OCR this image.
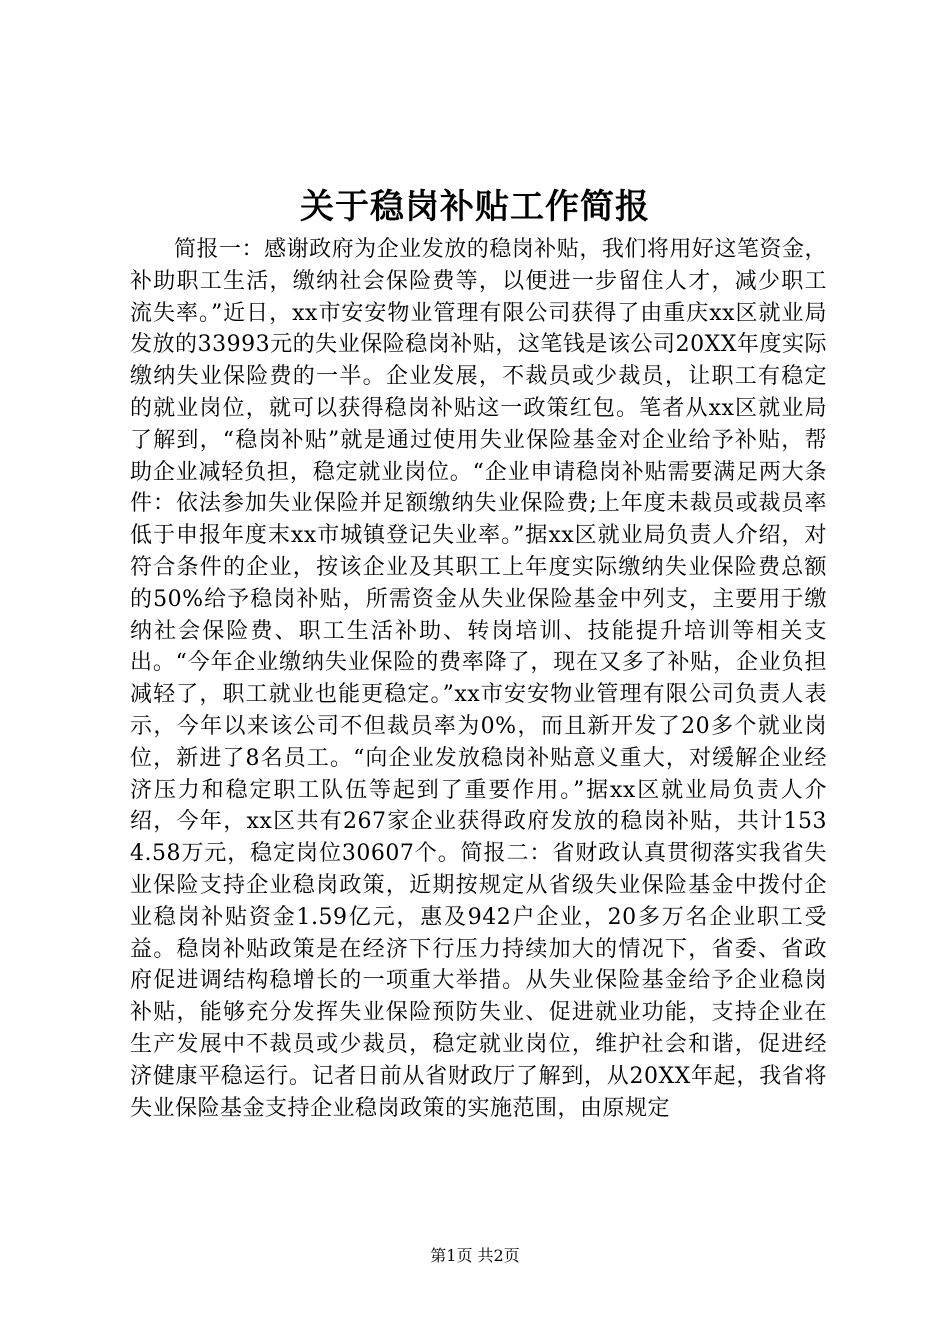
关于稳岗补贴工作简报

简报一：感谢政府为企业发放的稳岗补贴，我们将用好这笔资金，补助职工生活，缴纳社会保险费等，以便进一步留住人才，减少职工流失率。”近日，xx市安安物业管理有限公司获得了由重庆xx区就业局发放的33993元的失业保险稳岗补贴，这笔钱是该公司20XX年度实际缴纳失业保险费的一半。企业发展，不裁员或少裁员，让职工有稳定的就业岗位，就可以获得稳岗补贴这一政策红包。笔者从xx区就业局了解到，“稳岗补贴”就是通过使用失业保险基金对企业给予补贴，帮助企业减轻负担，稳定就业岗位。“企业申请稳岗补贴需要满足两大条件：依法参加失业保险并足额缴纳失业保险费;上年度未裁员或裁员率低于申报年度末xx市城镇登记失业率。”据xx区就业局负责人介绍，对符合条件的企业，按该企业及其职工上年度实际缴纳失业保险费总额的50%给予稳岗补贴，所需资金从失业保险基金中列支，主要用于缴纳社会保险费、职工生活补助、转岗培训、技能提升培训等相关支出。“今年企业缴纳失业保险的费率降了，现在又多了补贴，企业负担减轻了，职工就业也能更稳定。”xx市安安物业管理有限公司负责人表示，今年以来该公司不但裁员率为0%，而且新开发了20多个就业岗位，新进了8名员工。“向企业发放稳岗补贴意义重大，对缓解企业经济压力和稳定职工队伍等起到了重要作用。”据xx区就业局负责人介绍，今年，xx区共有267家企业获得政府发放的稳岗补贴，共计1534.58万元，稳定岗位30607个。简报二：省财政认真贯彻落实我省失业保险支持企业稳岗政策，近期按规定从省级失业保险基金中拨付企业稳岗补贴资金1.59亿元，惠及942户企业，20多万名企业职工受益。稳岗补贴政策是在经济下行压力持续加大的情况下，省委、省政府促进调结构稳增长的一项重大举措。从失业保险基金给予企业稳岗补贴，能够充分发挥失业保险预防失业、促进就业功能，支持企业在生产发展中不裁员或少裁员，稳定就业岗位，维护社会和谐，促进经济健康平稳运行。记者日前从省财政厅了解到，从20XX年起，我省将失业保险基金支持企业稳岗政策的实施范围，由原规定

第1页 共2页
